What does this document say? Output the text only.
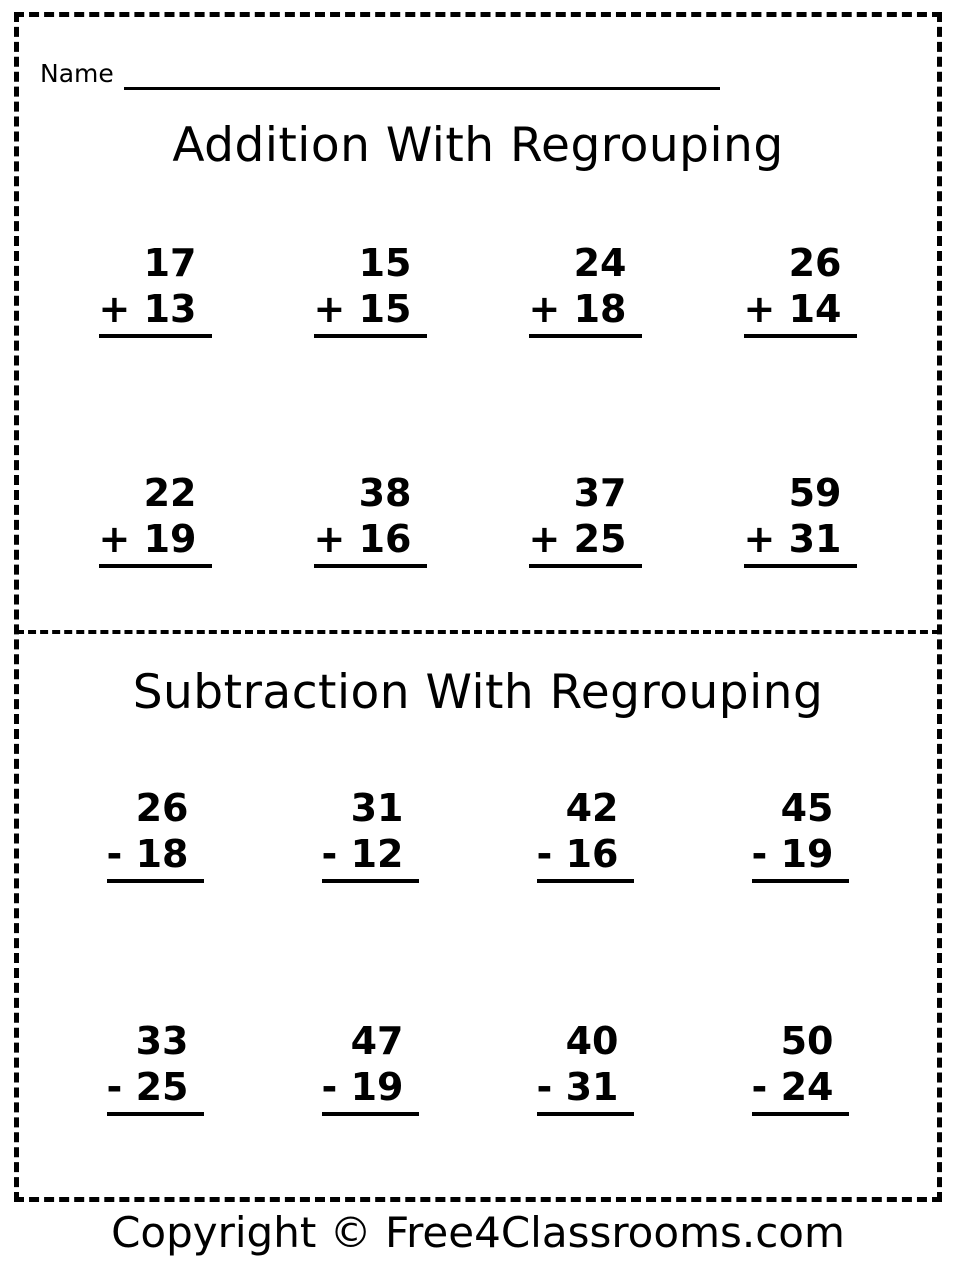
Name
Addition With Regrouping
17
+ 13
15
+ 15
24
+ 18
26
+ 14
22
+ 19
38
+ 16
37
+ 25
59
+ 31
Subtraction With Regrouping
26
- 18
31
- 12
42
- 16
45
- 19
33
- 25
47
- 19
40
- 31
50
- 24
Copyright © Free4Classrooms.com
